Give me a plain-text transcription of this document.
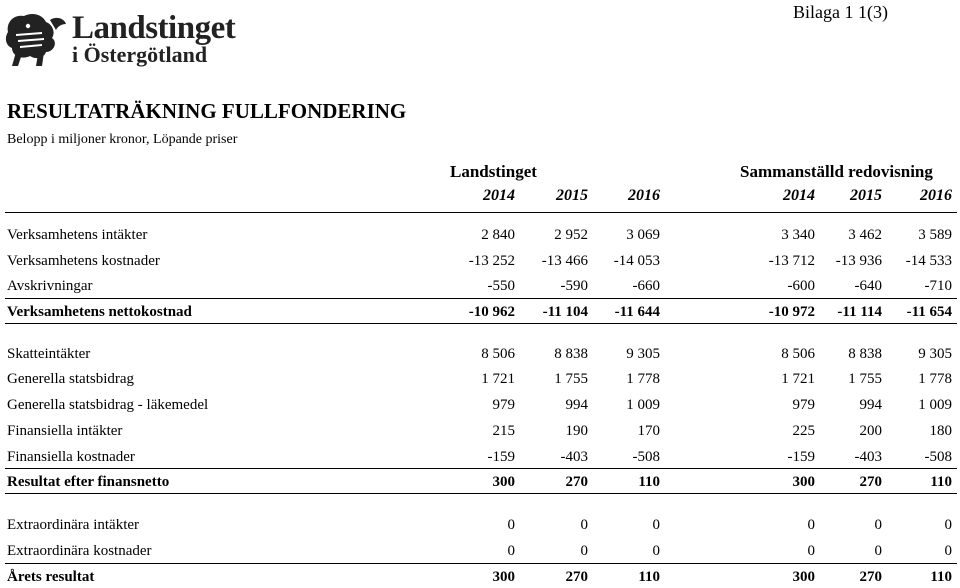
Landstinget
i Östergötland
Bilaga 1 1(3)
RESULTATRÄKNING FULLFONDERING
Belopp i miljoner kronor, Löpande priser
Landstinget	Sammanställd redovisning
2014	2015	2016	2014	2015	2016
Verksamhetens intäkter	2 840	2 952	3 069	3 340	3 462	3 589
Verksamhetens kostnader	-13 252	-13 466	-14 053	-13 712	-13 936	-14 533
Avskrivningar	-550	-590	-660	-600	-640	-710
Verksamhetens nettokostnad	-10 962	-11 104	-11 644	-10 972	-11 114	-11 654
Skatteintäkter	8 506	8 838	9 305	8 506	8 838	9 305
Generella statsbidrag	1 721	1 755	1 778	1 721	1 755	1 778
Generella statsbidrag - läkemedel	979	994	1 009	979	994	1 009
Finansiella intäkter	215	190	170	225	200	180
Finansiella kostnader	-159	-403	-508	-159	-403	-508
Resultat efter finansnetto	300	270	110	300	270	110
Extraordinära intäkter	0	0	0	0	0	0
Extraordinära kostnader	0	0	0	0	0	0
Årets resultat	300	270	110	300	270	110
